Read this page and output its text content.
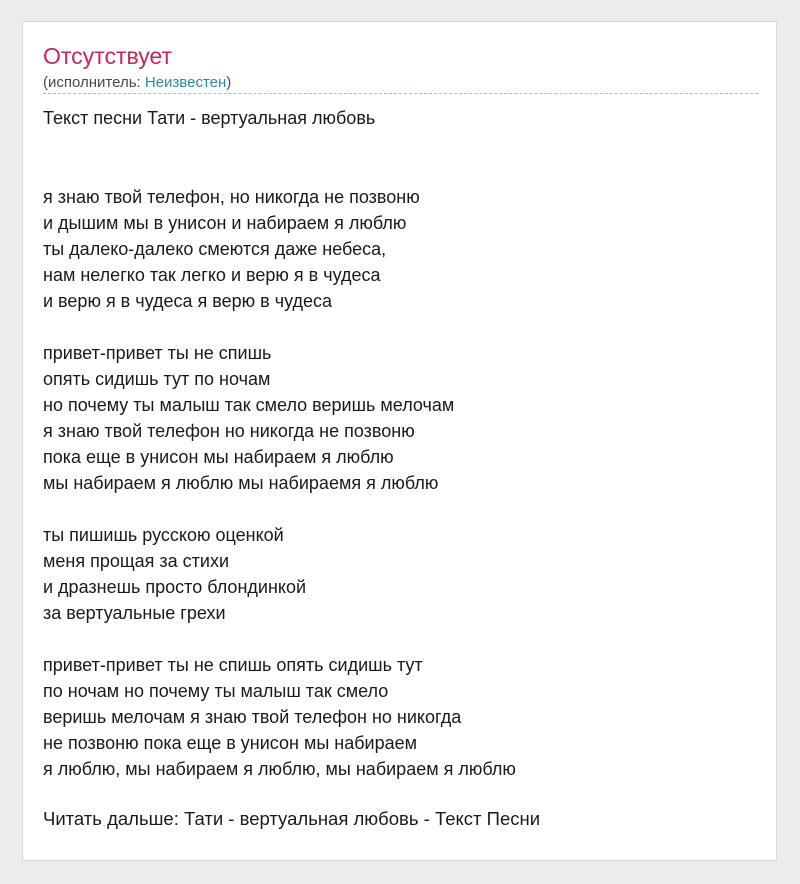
Отсутствует
(исполнитель: Неизвестен)
Текст песни Тати - вертуальная любовь
я знаю твой телефон, но никогда не позвоню
и дышим мы в унисон и набираем я люблю
ты далеко-далеко смеются даже небеса,
нам нелегко так легко и верю я в чудеса
и верю я в чудеса я верю в чудеса
привет-привет ты не спишь
опять сидишь тут по ночам
но почему ты малыш так смело веришь мелочам
я знаю твой телефон но никогда не позвоню
пока еще в унисон мы набираем я люблю
мы набираем я люблю мы набираемя я люблю
ты пишишь русскою оценкой
меня прощая за стихи
и дразнешь просто блондинкой
за вертуальные грехи
привет-привет ты не спишь опять сидишь тут
по ночам но почему ты малыш так смело
веришь мелочам я знаю твой телефон но никогда
не позвоню пока еще в унисон мы набираем
я люблю, мы набираем я люблю, мы набираем я люблю
Читать дальше: Тати - вертуальная любовь - Текст Песни
